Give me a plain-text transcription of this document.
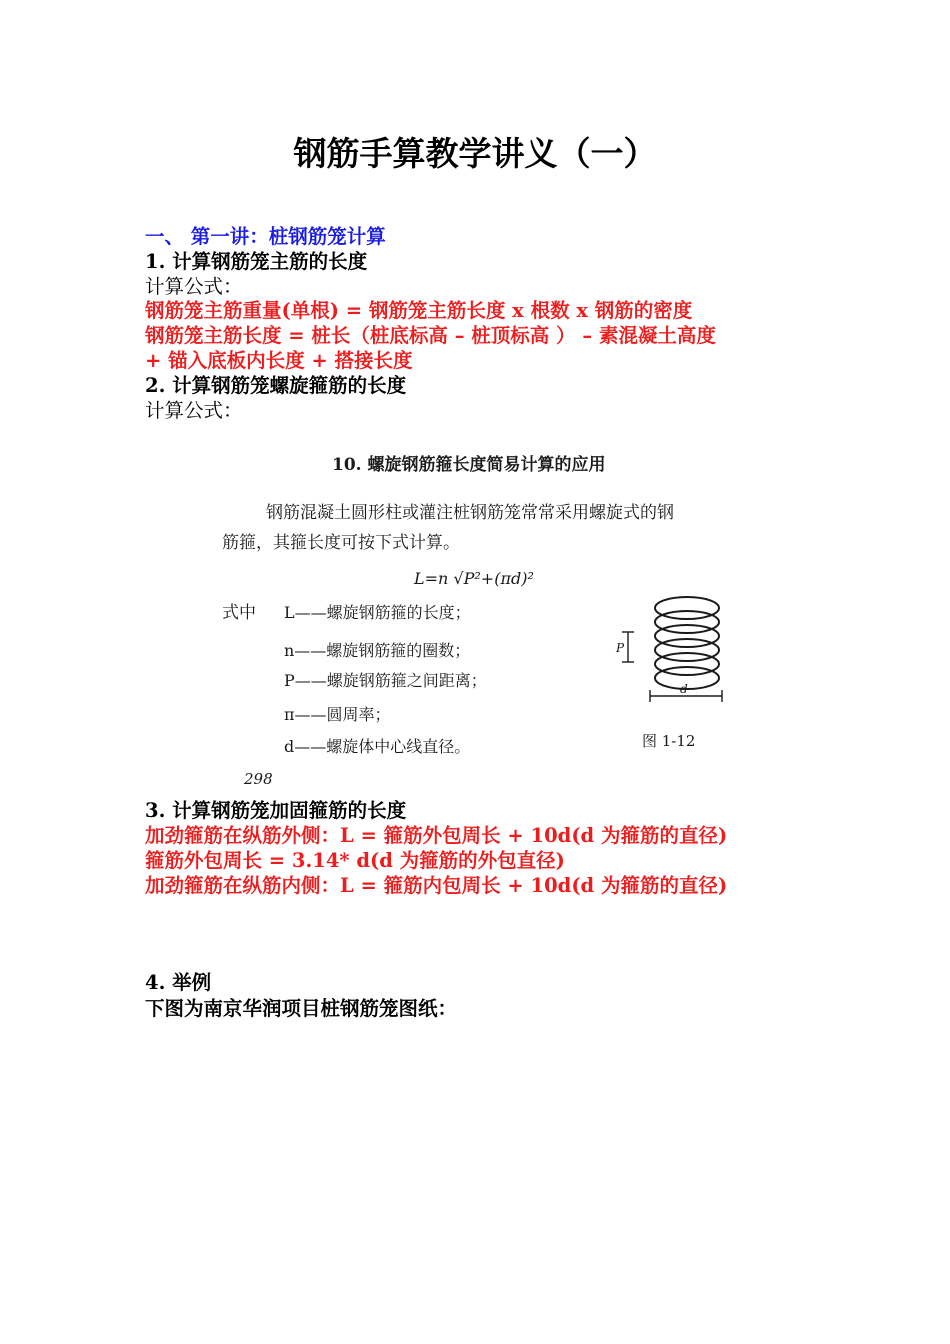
钢筋手算教学讲义（一）
一、 第一讲：桩钢筋笼计算
1. 计算钢筋笼主筋的长度
计算公式：
钢筋笼主筋重量(单根) = 钢筋笼主筋长度 x 根数 x 钢筋的密度
钢筋笼主筋长度 = 桩长（桩底标高 – 桩顶标高 ） – 素混凝土高度
+ 锚入底板内长度 + 搭接长度
2. 计算钢筋笼螺旋箍筋的长度
计算公式：
10. 螺旋钢筋箍长度简易计算的应用
钢筋混凝土圆形柱或灌注桩钢筋笼常常采用螺旋式的钢
筋箍，其箍长度可按下式计算。
L=n √P²+(πd)²
式中 L——螺旋钢筋箍的长度；
n——螺旋钢筋箍的圈数；
P——螺旋钢筋箍之间距离；
π——圆周率；
d——螺旋体中心线直径。
298
P
d
图 1-12
3. 计算钢筋笼加固箍筋的长度
加劲箍筋在纵筋外侧：L = 箍筋外包周长 + 10d(d 为箍筋的直径)
箍筋外包周长 = 3.14* d(d 为箍筋的外包直径)
加劲箍筋在纵筋内侧：L = 箍筋内包周长 + 10d(d 为箍筋的直径)
4. 举例
下图为南京华润项目桩钢筋笼图纸：
